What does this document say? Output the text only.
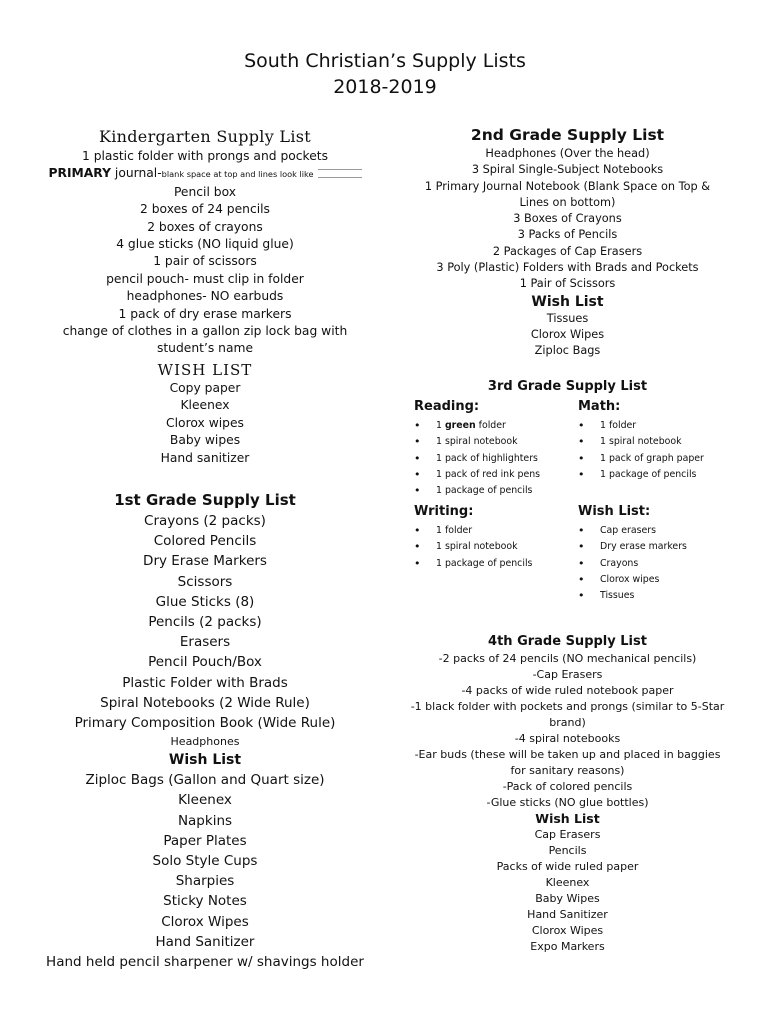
South Christian’s Supply Lists
2018-2019
Kindergarten Supply List
1 plastic folder with prongs and pockets
PRIMARY journal-blank space at top and lines look like
Pencil box
2 boxes of 24 pencils
2 boxes of crayons
4 glue sticks (NO liquid glue)
1 pair of scissors
pencil pouch- must clip in folder
headphones- NO earbuds
1 pack of dry erase markers
change of clothes in a gallon zip lock bag with
student’s name
WISH LIST
Copy paper
Kleenex
Clorox wipes
Baby wipes
Hand sanitizer
1st Grade Supply List
Crayons (2 packs)
Colored Pencils
Dry Erase Markers
Scissors
Glue Sticks (8)
Pencils (2 packs)
Erasers
Pencil Pouch/Box
Plastic Folder with Brads
Spiral Notebooks (2 Wide Rule)
Primary Composition Book (Wide Rule)
Headphones
Wish List
Ziploc Bags (Gallon and Quart size)
Kleenex
Napkins
Paper Plates
Solo Style Cups
Sharpies
Sticky Notes
Clorox Wipes
Hand Sanitizer
Hand held pencil sharpener w/ shavings holder
2nd Grade Supply List
Headphones (Over the head)
3 Spiral Single-Subject Notebooks
1 Primary Journal Notebook (Blank Space on Top &
Lines on bottom)
3 Boxes of Crayons
3 Packs of Pencils
2 Packages of Cap Erasers
3 Poly (Plastic) Folders with Brads and Pockets
1 Pair of Scissors
Wish List
Tissues
Clorox Wipes
Ziploc Bags
3rd Grade Supply List
Reading:
• 1 green folder
• 1 spiral notebook
• 1 pack of highlighters
• 1 pack of red ink pens
• 1 package of pencils
Math:
• 1 folder
• 1 spiral notebook
• 1 pack of graph paper
• 1 package of pencils
Writing:
• 1 folder
• 1 spiral notebook
• 1 package of pencils
Wish List:
• Cap erasers
• Dry erase markers
• Crayons
• Clorox wipes
• Tissues
4th Grade Supply List
-2 packs of 24 pencils (NO mechanical pencils)
-Cap Erasers
-4 packs of wide ruled notebook paper
-1 black folder with pockets and prongs (similar to 5-Star
brand)
-4 spiral notebooks
-Ear buds (these will be taken up and placed in baggies
for sanitary reasons)
-Pack of colored pencils
-Glue sticks (NO glue bottles)
Wish List
Cap Erasers
Pencils
Packs of wide ruled paper
Kleenex
Baby Wipes
Hand Sanitizer
Clorox Wipes
Expo Markers
